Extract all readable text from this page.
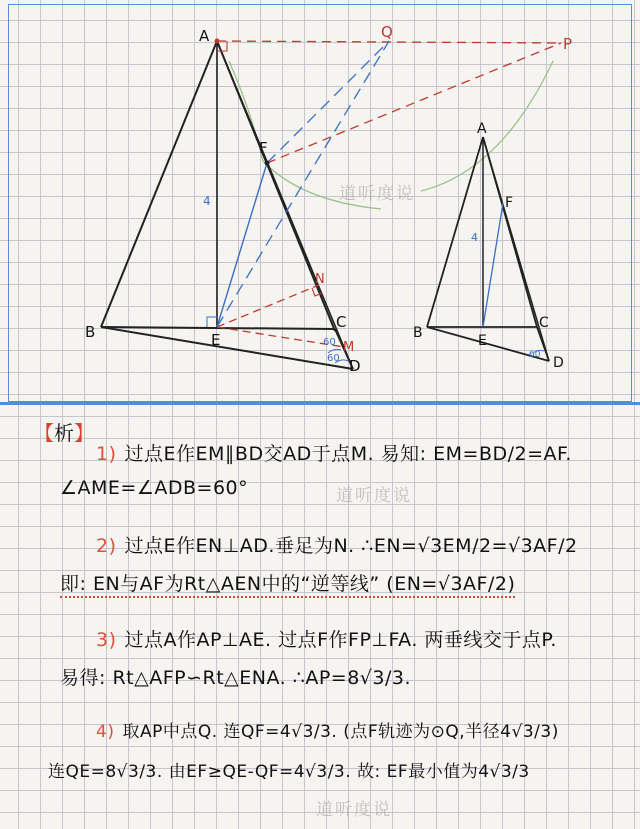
A
B
C
D
E
F
M
N
P
Q
4
60
60
A
B
C
D
E
F
4
60
道听度说
【析】
1) 过点E作EM∥BD交AD于点M. 易知: EM=BD/2=AF.
∠AME=∠ADB=60°	道听度说
2) 过点E作EN⊥AD.垂足为N. ∴EN=√3EM/2=√3AF/2
即: EN与AF为Rt△AEN中的“逆等线” (EN=√3AF/2)
3) 过点A作AP⊥AE. 过点F作FP⊥FA. 两垂线交于点P.
易得: Rt△AFP∽Rt△ENA. ∴AP=8√3/3.
4) 取AP中点Q. 连QF=4√3/3. (点F轨迹为⊙Q,半径4√3/3)
连QE=8√3/3. 由EF≥QE-QF=4√3/3. 故: EF最小值为4√3/3
道听度说
